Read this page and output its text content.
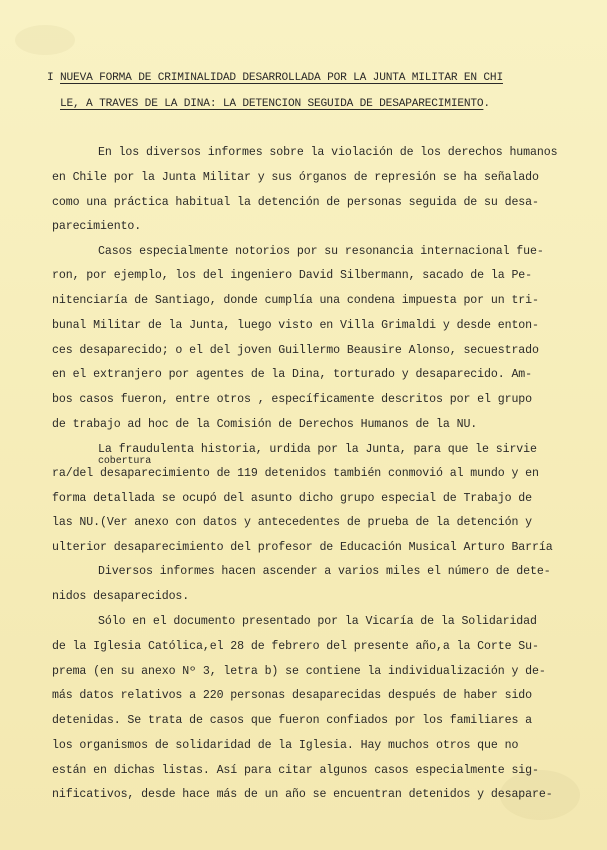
I NUEVA FORMA DE CRIMINALIDAD DESARROLLADA POR LA JUNTA MILITAR EN CHI
LE, A TRAVES DE LA DINA: LA DETENCION SEGUIDA DE DESAPARECIMIENTO.
En los diversos informes sobre la violación de los derechos humanos
en Chile por la Junta Militar y sus órganos de represión se ha señalado
como una práctica habitual la detención de personas seguida de su desa-
parecimiento.
Casos especialmente notorios por su resonancia internacional fue-
ron, por ejemplo, los del ingeniero David Silbermann, sacado de la Pe-
nitenciaría de Santiago, donde cumplía una condena impuesta por un tri-
bunal Militar de la Junta, luego visto en Villa Grimaldi y desde enton-
ces desaparecido; o el del joven Guillermo Beausire Alonso, secuestrado
en el extranjero por agentes de la Dina, torturado y desaparecido. Am-
bos casos fueron, entre otros , específicamente descritos por el grupo
de trabajo ad hoc de la Comisión de Derechos Humanos de la NU.
La fraudulenta historia, urdida por la Junta, para que le sirvie
cobertura
ra/del desaparecimiento de 119 detenidos también conmovió al mundo y en
forma detallada se ocupó del asunto dicho grupo especial de Trabajo de
las NU.(Ver anexo con datos y antecedentes de prueba de la detención y
ulterior desaparecimiento del profesor de Educación Musical Arturo Barría
Diversos informes hacen ascender a varios miles el número de dete-
nidos desaparecidos.
Sólo en el documento presentado por la Vicaría de la Solidaridad
de la Iglesia Católica,el 28 de febrero del presente año,a la Corte Su-
prema (en su anexo Nº 3, letra b) se contiene la individualización y de-
más datos relativos a 220 personas desaparecidas después de haber sido
detenidas. Se trata de casos que fueron confiados por los familiares a
los organismos de solidaridad de la Iglesia. Hay muchos otros que no
están en dichas listas. Así para citar algunos casos especialmente sig-
nificativos, desde hace más de un año se encuentran detenidos y desapare-
